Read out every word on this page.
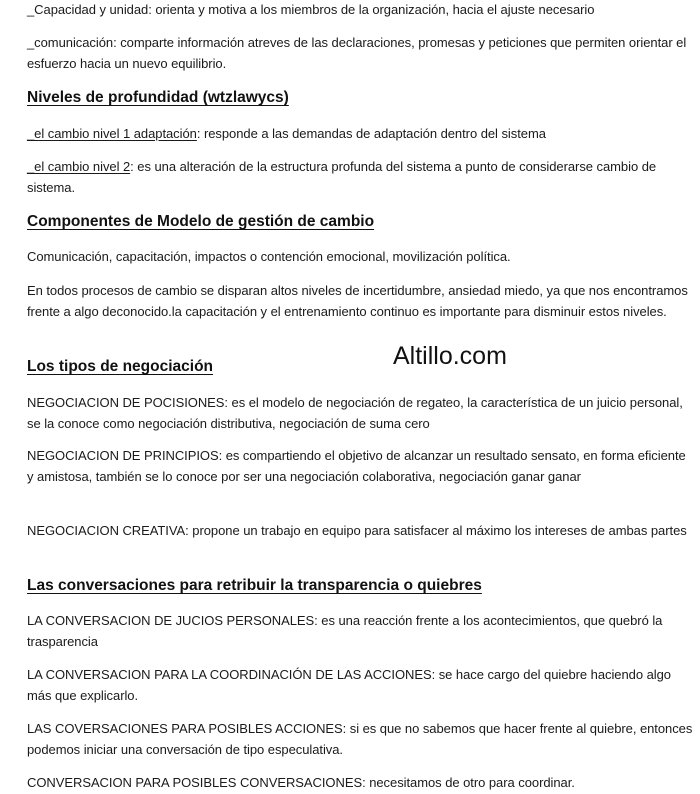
_Capacidad y unidad: orienta y motiva a los miembros de la organización, hacia el ajuste necesario

_comunicación: comparte información atreves de las declaraciones, promesas y peticiones que permiten orientar el esfuerzo hacia un nuevo equilibrio.

Niveles de profundidad (wtzlawycs)

_el cambio nivel 1 adaptación: responde a las demandas de adaptación dentro del sistema

_el cambio nivel 2: es una alteración de la estructura profunda del sistema a punto de considerarse cambio de sistema.

Componentes de Modelo de gestión de cambio

Comunicación, capacitación, impactos o contención emocional, movilización política.

En todos procesos de cambio se disparan altos niveles de incertidumbre, ansiedad miedo, ya que nos encontramos frente a algo deconocido.la capacitación y el entrenamiento continuo es importante para disminuir estos niveles.

Los tipos de negociación

NEGOCIACION DE POCISIONES: es el modelo de negociación de regateo, la característica de un juicio personal, se la conoce como negociación distributiva, negociación de suma cero

NEGOCIACION DE PRINCIPIOS: es compartiendo el objetivo de alcanzar un resultado sensato, en forma eficiente y amistosa, también se lo conoce por ser una negociación colaborativa, negociación ganar ganar

NEGOCIACION CREATIVA: propone un trabajo en equipo para satisfacer al máximo los intereses de ambas partes

Las conversaciones para retribuir la transparencia o quiebres

LA CONVERSACION DE JUCIOS PERSONALES: es una reacción frente a los acontecimientos, que quebró la trasparencia

LA CONVERSACION PARA LA COORDINACIÓN DE LAS ACCIONES: se hace cargo del quiebre haciendo algo más que explicarlo.

LAS COVERSACIONES PARA POSIBLES ACCIONES: si es que no sabemos que hacer frente al quiebre, entonces podemos iniciar una conversación de tipo especulativa.

CONVERSACION PARA POSIBLES CONVERSACIONES: necesitamos de otro para coordinar.

Altillo.com
